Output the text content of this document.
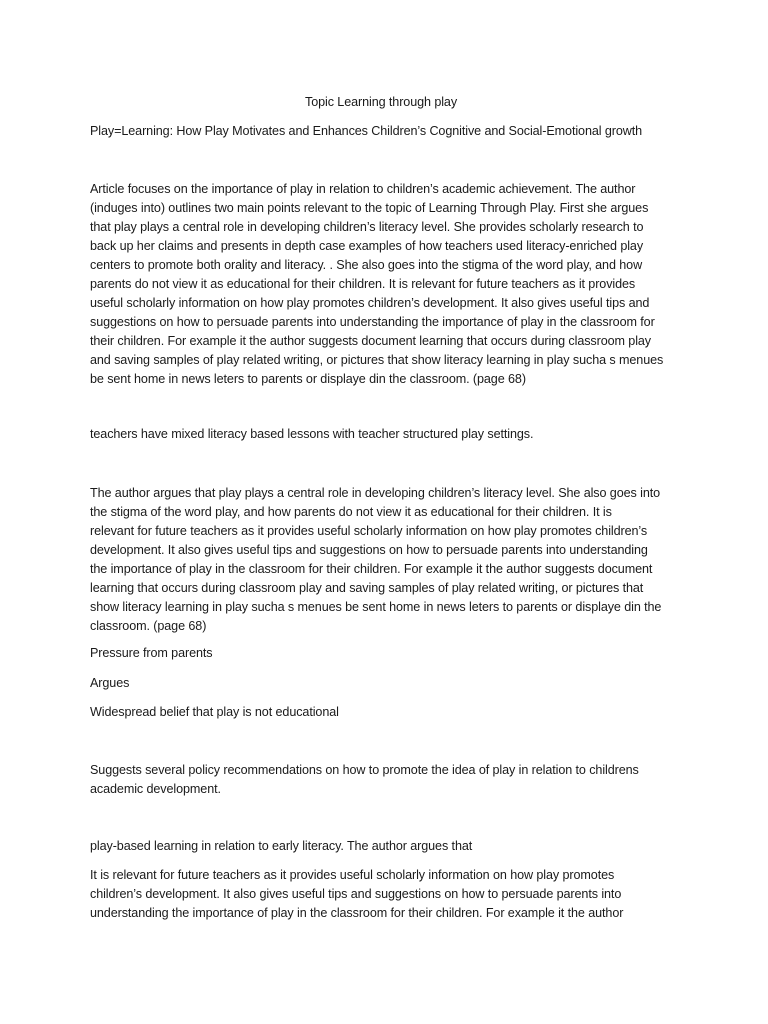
Topic Learning through play
Play=Learning: How Play Motivates and Enhances Children’s Cognitive and Social-Emotional growth

Article focuses on the importance of play in relation to children’s academic achievement. The author
(induges into) outlines two main points relevant to the topic of Learning Through Play. First she argues
that play plays a central role in developing children’s literacy level. She provides scholarly research to
back up her claims and presents in depth case examples of how teachers used literacy-enriched play
centers to promote both orality and literacy. . She also goes into the stigma of the word play, and how
parents do not view it as educational for their children. It is relevant for future teachers as it provides
useful scholarly information on how play promotes children’s development. It also gives useful tips and
suggestions on how to persuade parents into understanding the importance of play in the classroom for
their children. For example it the author suggests document learning that occurs during classroom play
and saving samples of play related writing, or pictures that show literacy learning in play sucha s menues
be sent home in news leters to parents or displaye din the classroom. (page 68)

teachers have mixed literacy based lessons with teacher structured play settings.

The author argues that play plays a central role in developing children’s literacy level. She also goes into
the stigma of the word play, and how parents do not view it as educational for their children. It is
relevant for future teachers as it provides useful scholarly information on how play promotes children’s
development. It also gives useful tips and suggestions on how to persuade parents into understanding
the importance of play in the classroom for their children. For example it the author suggests document
learning that occurs during classroom play and saving samples of play related writing, or pictures that
show literacy learning in play sucha s menues be sent home in news leters to parents or displaye din the
classroom. (page 68)

Pressure from parents

Argues

Widespread belief that play is not educational

Suggests several policy recommendations on how to promote the idea of play in relation to childrens
academic development.

play-based learning in relation to early literacy. The author argues that

It is relevant for future teachers as it provides useful scholarly information on how play promotes
children’s development. It also gives useful tips and suggestions on how to persuade parents into
understanding the importance of play in the classroom for their children. For example it the author
